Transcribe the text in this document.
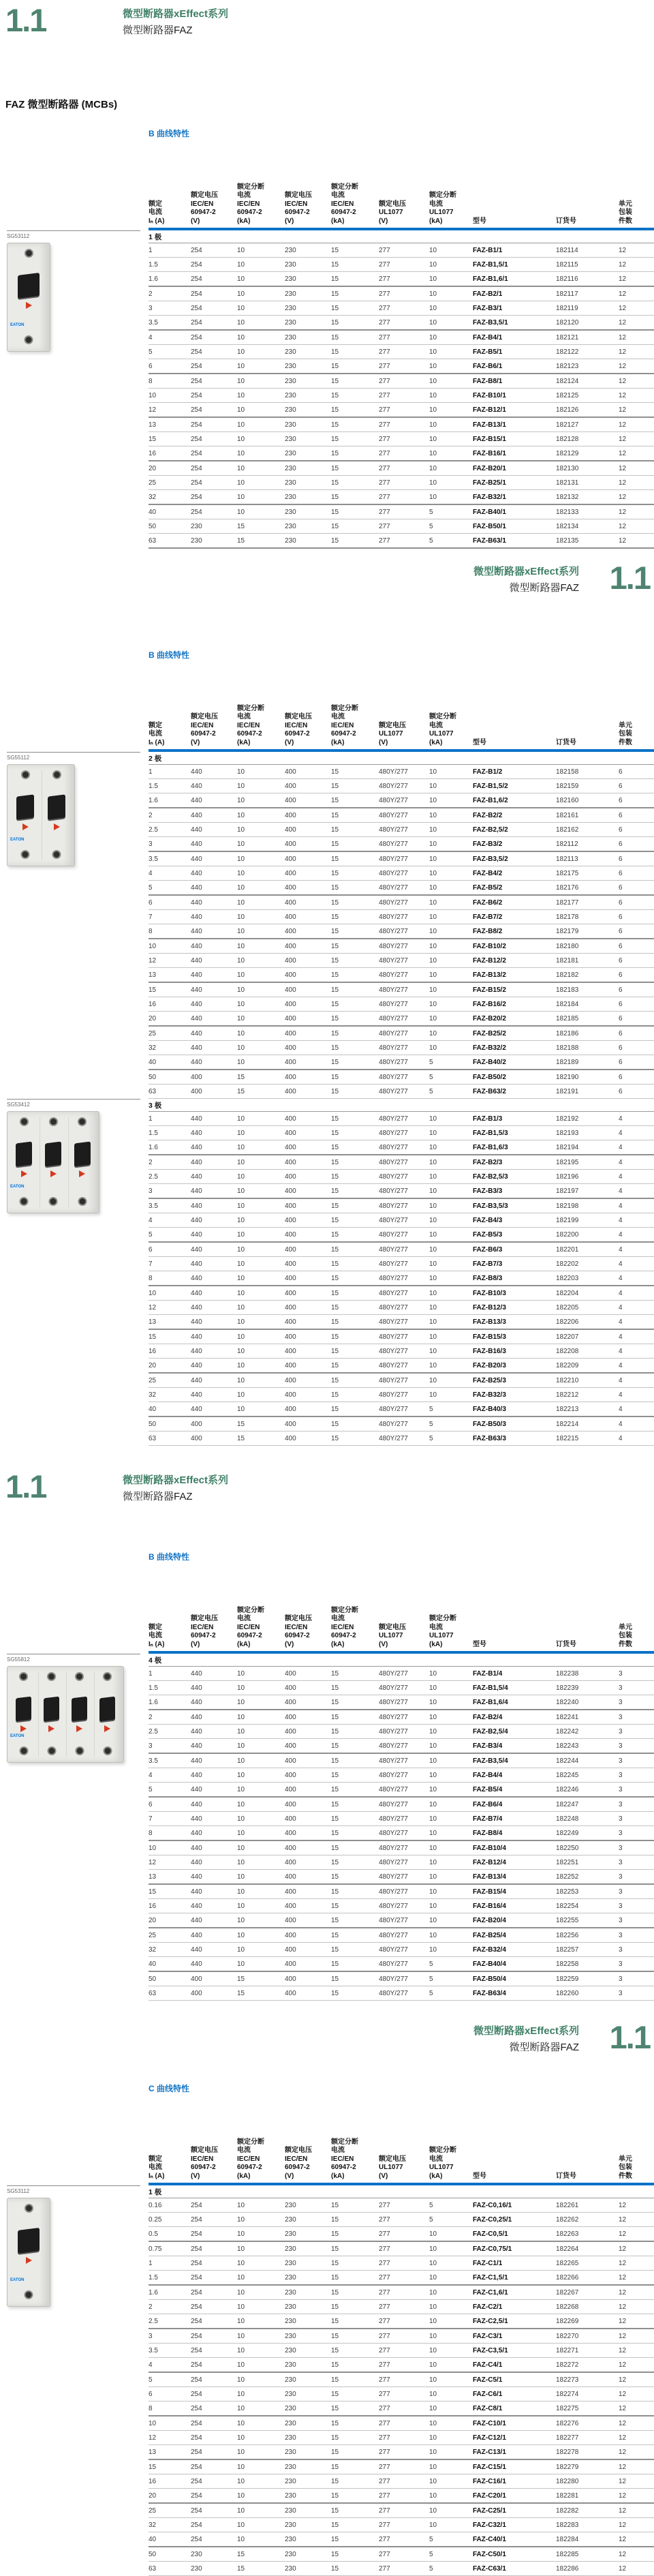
1.1	微型断路器xEffect系列
微型断路器FAZ
FAZ 微型断路器 (MCBs)
B 曲线特性
额定
电流
Iₙ (A)
额定电压
IEC/EN
60947-2
(V)
额定分断
电流
IEC/EN
60947-2
(kA)
额定电压
IEC/EN
60947-2
(V)
额定分断
电流
IEC/EN
60947-2
(kA)
额定电压
UL1077
(V)
额定分断
电流
UL1077
(kA)	型号	订货号
单元
包装
件数
SG53112
EATON
1 极
1	254	10	230	15	277	10	FAZ-B1/1	182114	12
1.5	254	10	230	15	277	10	FAZ-B1,5/1	182115	12
1.6	254	10	230	15	277	10	FAZ-B1,6/1	182116	12
2	254	10	230	15	277	10	FAZ-B2/1	182117	12
3	254	10	230	15	277	10	FAZ-B3/1	182119	12
3.5	254	10	230	15	277	10	FAZ-B3,5/1	182120	12
4	254	10	230	15	277	10	FAZ-B4/1	182121	12
5	254	10	230	15	277	10	FAZ-B5/1	182122	12
6	254	10	230	15	277	10	FAZ-B6/1	182123	12
8	254	10	230	15	277	10	FAZ-B8/1	182124	12
10	254	10	230	15	277	10	FAZ-B10/1	182125	12
12	254	10	230	15	277	10	FAZ-B12/1	182126	12
13	254	10	230	15	277	10	FAZ-B13/1	182127	12
15	254	10	230	15	277	10	FAZ-B15/1	182128	12
16	254	10	230	15	277	10	FAZ-B16/1	182129	12
20	254	10	230	15	277	10	FAZ-B20/1	182130	12
25	254	10	230	15	277	10	FAZ-B25/1	182131	12
32	254	10	230	15	277	10	FAZ-B32/1	182132	12
40	254	10	230	15	277	5	FAZ-B40/1	182133	12
50	230	15	230	15	277	5	FAZ-B50/1	182134	12
63	230	15	230	15	277	5	FAZ-B63/1	182135	12
1.1
微型断路器xEffect系列
微型断路器FAZ
B 曲线特性
额定
电流
Iₙ (A)
额定电压
IEC/EN
60947-2
(V)
额定分断
电流
IEC/EN
60947-2
(kA)
额定电压
IEC/EN
60947-2
(V)
额定分断
电流
IEC/EN
60947-2
(kA)
额定电压
UL1077
(V)
额定分断
电流
UL1077
(kA)	型号	订货号
单元
包装
件数
SG55112
EATON
2 极
1	440	10	400	15	480Y/277	10	FAZ-B1/2	182158	6
1.5	440	10	400	15	480Y/277	10	FAZ-B1,5/2	182159	6
1.6	440	10	400	15	480Y/277	10	FAZ-B1,6/2	182160	6
2	440	10	400	15	480Y/277	10	FAZ-B2/2	182161	6
2.5	440	10	400	15	480Y/277	10	FAZ-B2,5/2	182162	6
3	440	10	400	15	480Y/277	10	FAZ-B3/2	182112	6
3.5	440	10	400	15	480Y/277	10	FAZ-B3,5/2	182113	6
4	440	10	400	15	480Y/277	10	FAZ-B4/2	182175	6
5	440	10	400	15	480Y/277	10	FAZ-B5/2	182176	6
6	440	10	400	15	480Y/277	10	FAZ-B6/2	182177	6
7	440	10	400	15	480Y/277	10	FAZ-B7/2	182178	6
8	440	10	400	15	480Y/277	10	FAZ-B8/2	182179	6
10	440	10	400	15	480Y/277	10	FAZ-B10/2	182180	6
12	440	10	400	15	480Y/277	10	FAZ-B12/2	182181	6
13	440	10	400	15	480Y/277	10	FAZ-B13/2	182182	6
15	440	10	400	15	480Y/277	10	FAZ-B15/2	182183	6
16	440	10	400	15	480Y/277	10	FAZ-B16/2	182184	6
20	440	10	400	15	480Y/277	10	FAZ-B20/2	182185	6
25	440	10	400	15	480Y/277	10	FAZ-B25/2	182186	6
32	440	10	400	15	480Y/277	10	FAZ-B32/2	182188	6
40	440	10	400	15	480Y/277	5	FAZ-B40/2	182189	6
50	400	15	400	15	480Y/277	5	FAZ-B50/2	182190	6
63	400	15	400	15	480Y/277	5	FAZ-B63/2	182191	6
SG53412
EATON
3 极
1	440	10	400	15	480Y/277	10	FAZ-B1/3	182192	4
1.5	440	10	400	15	480Y/277	10	FAZ-B1,5/3	182193	4
1.6	440	10	400	15	480Y/277	10	FAZ-B1,6/3	182194	4
2	440	10	400	15	480Y/277	10	FAZ-B2/3	182195	4
2.5	440	10	400	15	480Y/277	10	FAZ-B2,5/3	182196	4
3	440	10	400	15	480Y/277	10	FAZ-B3/3	182197	4
3.5	440	10	400	15	480Y/277	10	FAZ-B3,5/3	182198	4
4	440	10	400	15	480Y/277	10	FAZ-B4/3	182199	4
5	440	10	400	15	480Y/277	10	FAZ-B5/3	182200	4
6	440	10	400	15	480Y/277	10	FAZ-B6/3	182201	4
7	440	10	400	15	480Y/277	10	FAZ-B7/3	182202	4
8	440	10	400	15	480Y/277	10	FAZ-B8/3	182203	4
10	440	10	400	15	480Y/277	10	FAZ-B10/3	182204	4
12	440	10	400	15	480Y/277	10	FAZ-B12/3	182205	4
13	440	10	400	15	480Y/277	10	FAZ-B13/3	182206	4
15	440	10	400	15	480Y/277	10	FAZ-B15/3	182207	4
16	440	10	400	15	480Y/277	10	FAZ-B16/3	182208	4
20	440	10	400	15	480Y/277	10	FAZ-B20/3	182209	4
25	440	10	400	15	480Y/277	10	FAZ-B25/3	182210	4
32	440	10	400	15	480Y/277	10	FAZ-B32/3	182212	4
40	440	10	400	15	480Y/277	5	FAZ-B40/3	182213	4
50	400	15	400	15	480Y/277	5	FAZ-B50/3	182214	4
63	400	15	400	15	480Y/277	5	FAZ-B63/3	182215	4
1.1	微型断路器xEffect系列
微型断路器FAZ
B 曲线特性
额定
电流
Iₙ (A)
额定电压
IEC/EN
60947-2
(V)
额定分断
电流
IEC/EN
60947-2
(kA)
额定电压
IEC/EN
60947-2
(V)
额定分断
电流
IEC/EN
60947-2
(kA)
额定电压
UL1077
(V)
额定分断
电流
UL1077
(kA)	型号	订货号
单元
包装
件数
SG55812
EATON
4 极
1	440	10	400	15	480Y/277	10	FAZ-B1/4	182238	3
1.5	440	10	400	15	480Y/277	10	FAZ-B1,5/4	182239	3
1.6	440	10	400	15	480Y/277	10	FAZ-B1,6/4	182240	3
2	440	10	400	15	480Y/277	10	FAZ-B2/4	182241	3
2.5	440	10	400	15	480Y/277	10	FAZ-B2,5/4	182242	3
3	440	10	400	15	480Y/277	10	FAZ-B3/4	182243	3
3.5	440	10	400	15	480Y/277	10	FAZ-B3,5/4	182244	3
4	440	10	400	15	480Y/277	10	FAZ-B4/4	182245	3
5	440	10	400	15	480Y/277	10	FAZ-B5/4	182246	3
6	440	10	400	15	480Y/277	10	FAZ-B6/4	182247	3
7	440	10	400	15	480Y/277	10	FAZ-B7/4	182248	3
8	440	10	400	15	480Y/277	10	FAZ-B8/4	182249	3
10	440	10	400	15	480Y/277	10	FAZ-B10/4	182250	3
12	440	10	400	15	480Y/277	10	FAZ-B12/4	182251	3
13	440	10	400	15	480Y/277	10	FAZ-B13/4	182252	3
15	440	10	400	15	480Y/277	10	FAZ-B15/4	182253	3
16	440	10	400	15	480Y/277	10	FAZ-B16/4	182254	3
20	440	10	400	15	480Y/277	10	FAZ-B20/4	182255	3
25	440	10	400	15	480Y/277	10	FAZ-B25/4	182256	3
32	440	10	400	15	480Y/277	10	FAZ-B32/4	182257	3
40	440	10	400	15	480Y/277	5	FAZ-B40/4	182258	3
50	400	15	400	15	480Y/277	5	FAZ-B50/4	182259	3
63	400	15	400	15	480Y/277	5	FAZ-B63/4	182260	3
1.1
微型断路器xEffect系列
微型断路器FAZ
C 曲线特性
额定
电流
Iₙ (A)
额定电压
IEC/EN
60947-2
(V)
额定分断
电流
IEC/EN
60947-2
(kA)
额定电压
IEC/EN
60947-2
(V)
额定分断
电流
IEC/EN
60947-2
(kA)
额定电压
UL1077
(V)
额定分断
电流
UL1077
(kA)	型号	订货号
单元
包装
件数
SG53112
EATON
1 极
0.16	254	10	230	15	277	5	FAZ-C0,16/1	182261	12
0.25	254	10	230	15	277	5	FAZ-C0,25/1	182262	12
0.5	254	10	230	15	277	10	FAZ-C0,5/1	182263	12
0.75	254	10	230	15	277	10	FAZ-C0,75/1	182264	12
1	254	10	230	15	277	10	FAZ-C1/1	182265	12
1.5	254	10	230	15	277	10	FAZ-C1,5/1	182266	12
1.6	254	10	230	15	277	10	FAZ-C1,6/1	182267	12
2	254	10	230	15	277	10	FAZ-C2/1	182268	12
2.5	254	10	230	15	277	10	FAZ-C2,5/1	182269	12
3	254	10	230	15	277	10	FAZ-C3/1	182270	12
3.5	254	10	230	15	277	10	FAZ-C3,5/1	182271	12
4	254	10	230	15	277	10	FAZ-C4/1	182272	12
5	254	10	230	15	277	10	FAZ-C5/1	182273	12
6	254	10	230	15	277	10	FAZ-C6/1	182274	12
8	254	10	230	15	277	10	FAZ-C8/1	182275	12
10	254	10	230	15	277	10	FAZ-C10/1	182276	12
12	254	10	230	15	277	10	FAZ-C12/1	182277	12
13	254	10	230	15	277	10	FAZ-C13/1	182278	12
15	254	10	230	15	277	10	FAZ-C15/1	182279	12
16	254	10	230	15	277	10	FAZ-C16/1	182280	12
20	254	10	230	15	277	10	FAZ-C20/1	182281	12
25	254	10	230	15	277	10	FAZ-C25/1	182282	12
32	254	10	230	15	277	10	FAZ-C32/1	182283	12
40	254	10	230	15	277	5	FAZ-C40/1	182284	12
50	230	15	230	15	277	5	FAZ-C50/1	182285	12
63	230	15	230	15	277	5	FAZ-C63/1	182286	12
